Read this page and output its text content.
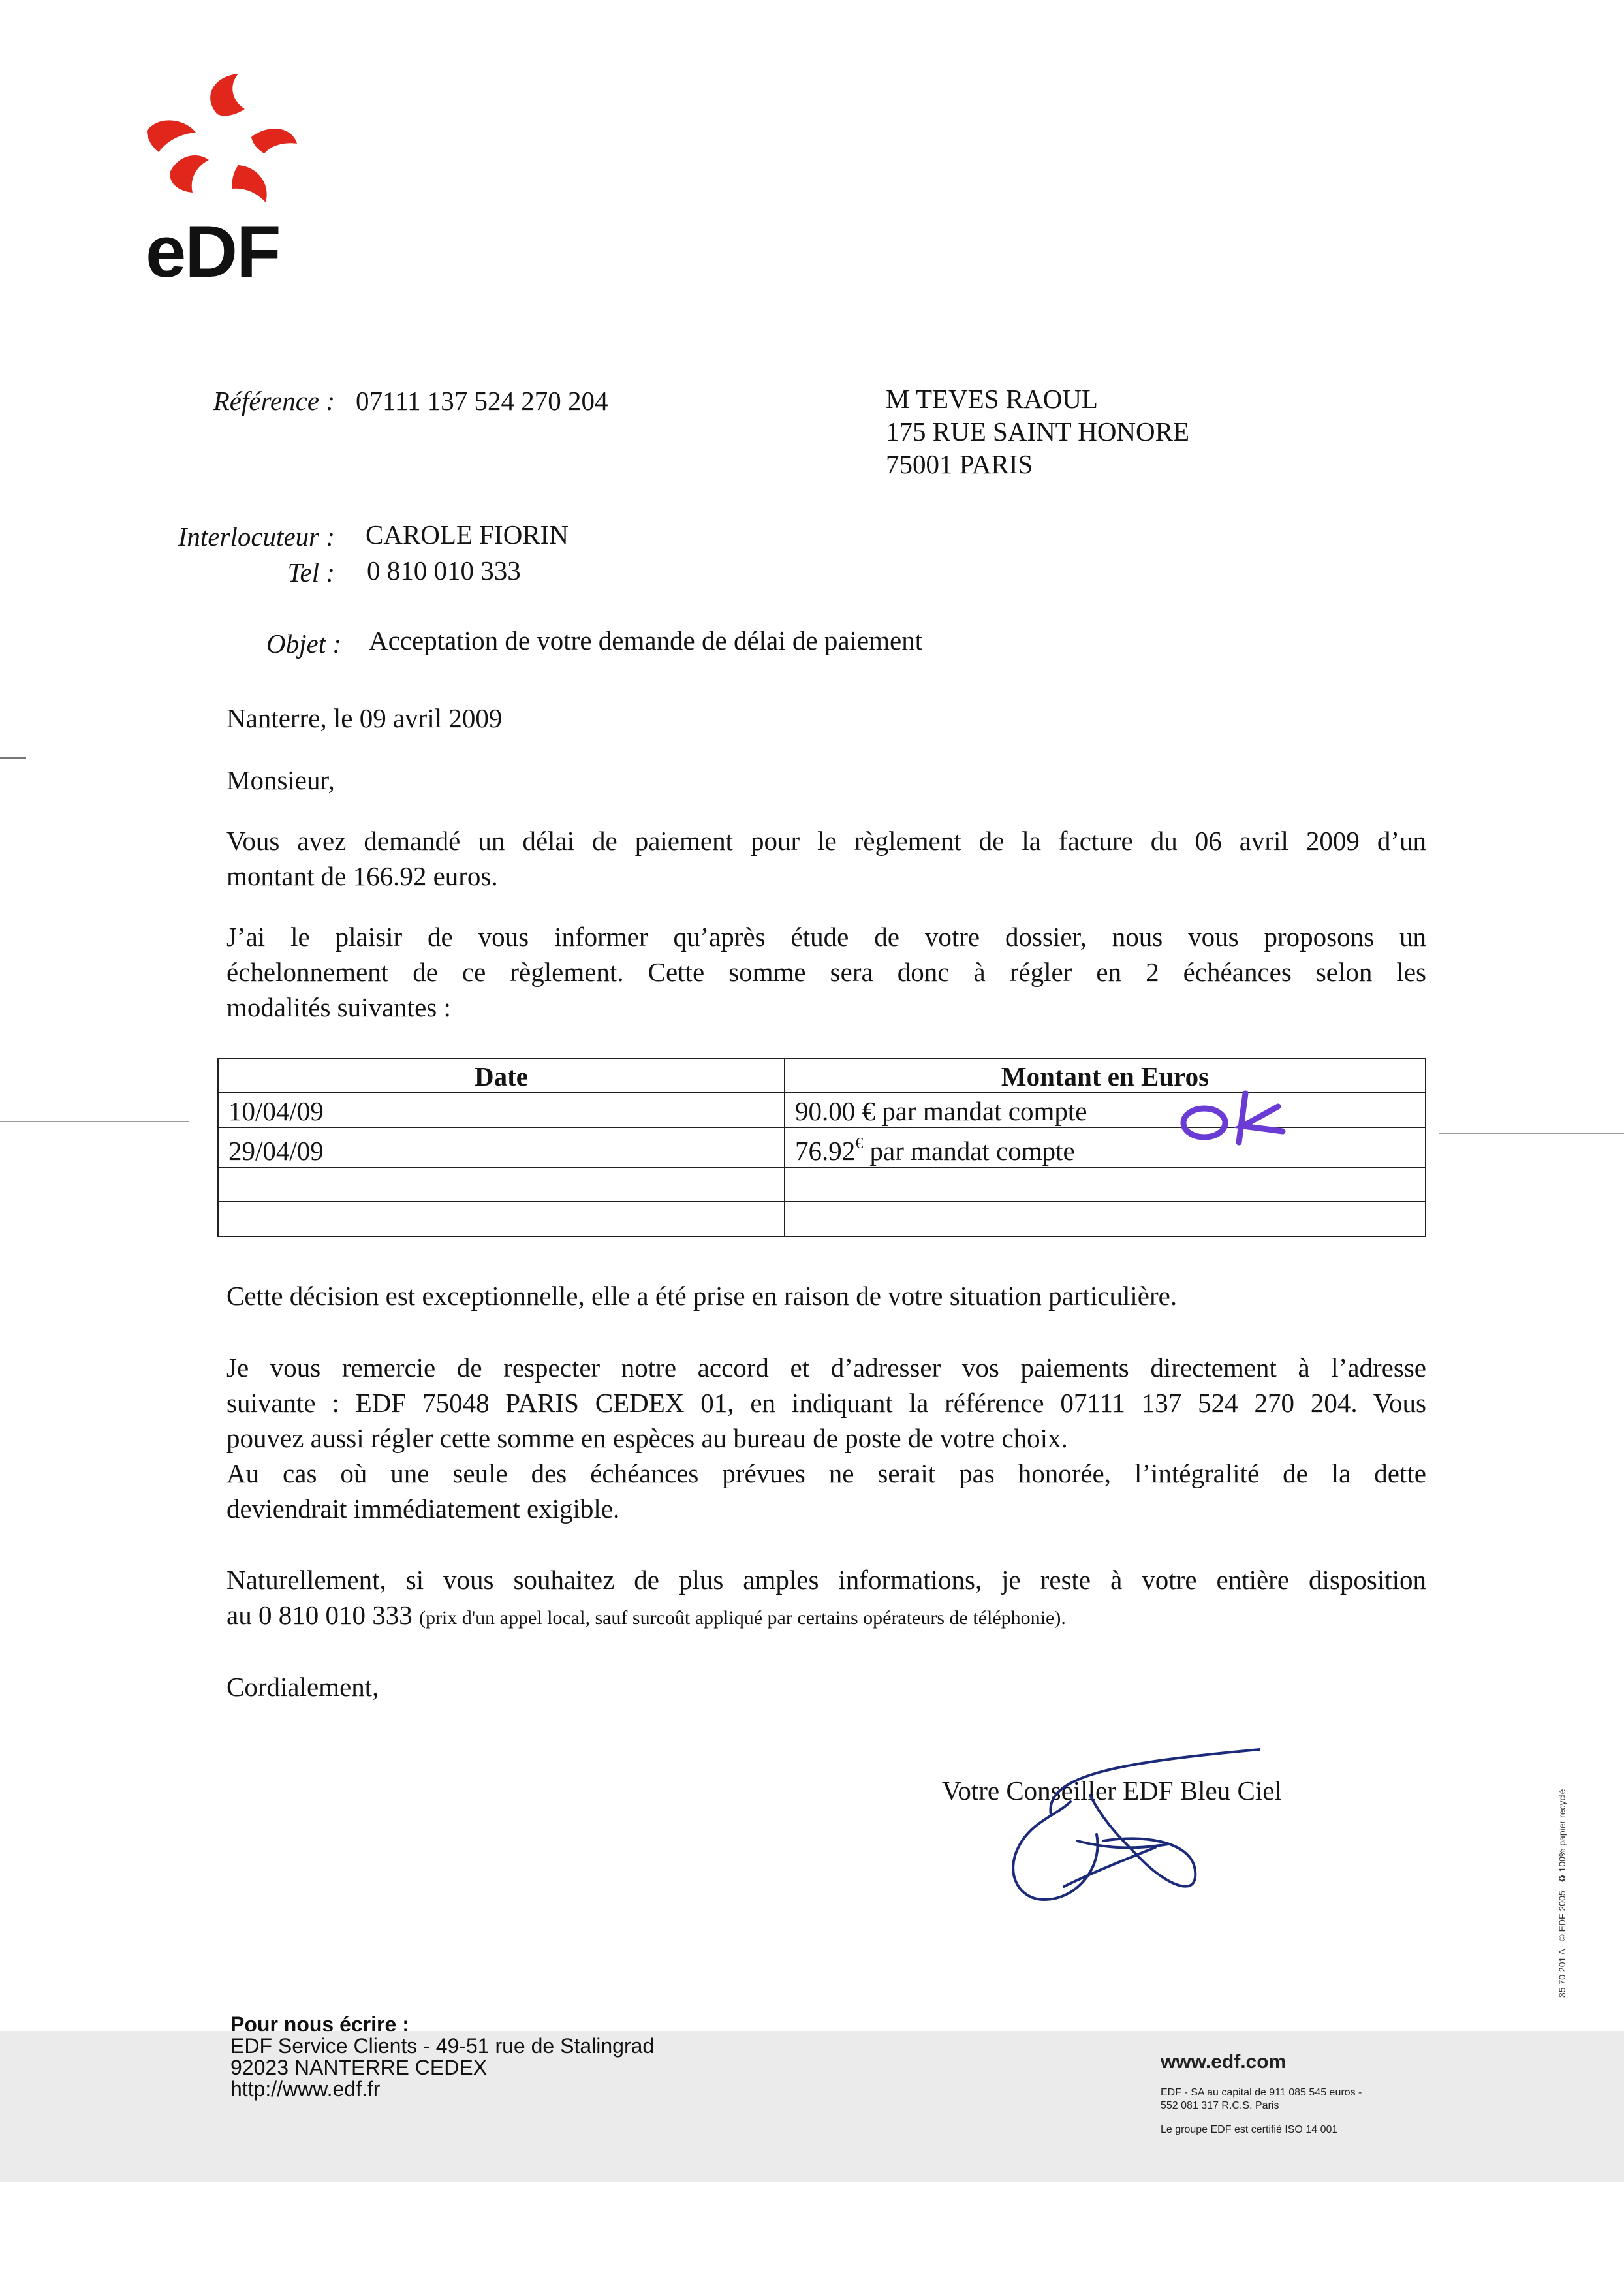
eDF
Référence : 07111 137 524 270 204	M TEVES RAOUL
175 RUE SAINT HONORE
75001 PARIS
Interlocuteur : CAROLE FIORIN
Tel : 0 810 010 333
Objet : Acceptation de votre demande de délai de paiement
Nanterre, le 09 avril 2009
Monsieur,
Vous avez demandé un délai de paiement pour le règlement de la facture du 06 avril 2009 d’un
montant de 166.92 euros.
J’ai le plaisir de vous informer qu’après étude de votre dossier, nous vous proposons un
échelonnement de ce règlement. Cette somme sera donc à régler en 2 échéances selon les
modalités suivantes :
Date	Montant en Euros
10/04/09	90.00 € par mandat compte
29/04/09	76.92€ par mandat compte

Cette décision est exceptionnelle, elle a été prise en raison de votre situation particulière.
Je vous remercie de respecter notre accord et d’adresser vos paiements directement à l’adresse
suivante : EDF 75048 PARIS CEDEX 01, en indiquant la référence 07111 137 524 270 204. Vous
pouvez aussi régler cette somme en espèces au bureau de poste de votre choix.
Au cas où une seule des échéances prévues ne serait pas honorée, l’intégralité de la dette
deviendrait immédiatement exigible.
Naturellement, si vous souhaitez de plus amples informations, je reste à votre entière disposition
au 0 810 010 333 (prix d'un appel local, sauf surcoût appliqué par certains opérateurs de téléphonie).
Cordialement,
Votre Conseiller EDF Bleu Ciel
Pour nous écrire :
EDF Service Clients - 49-51 rue de Stalingrad
92023 NANTERRE CEDEX
http://www.edf.fr
www.edf.com
EDF - SA au capital de 911 085 545 euros -
552 081 317 R.C.S. Paris
Le groupe EDF est certifié ISO 14 001
35 70 201 A - © EDF 2005 - ♻ 100% papier recyclé
